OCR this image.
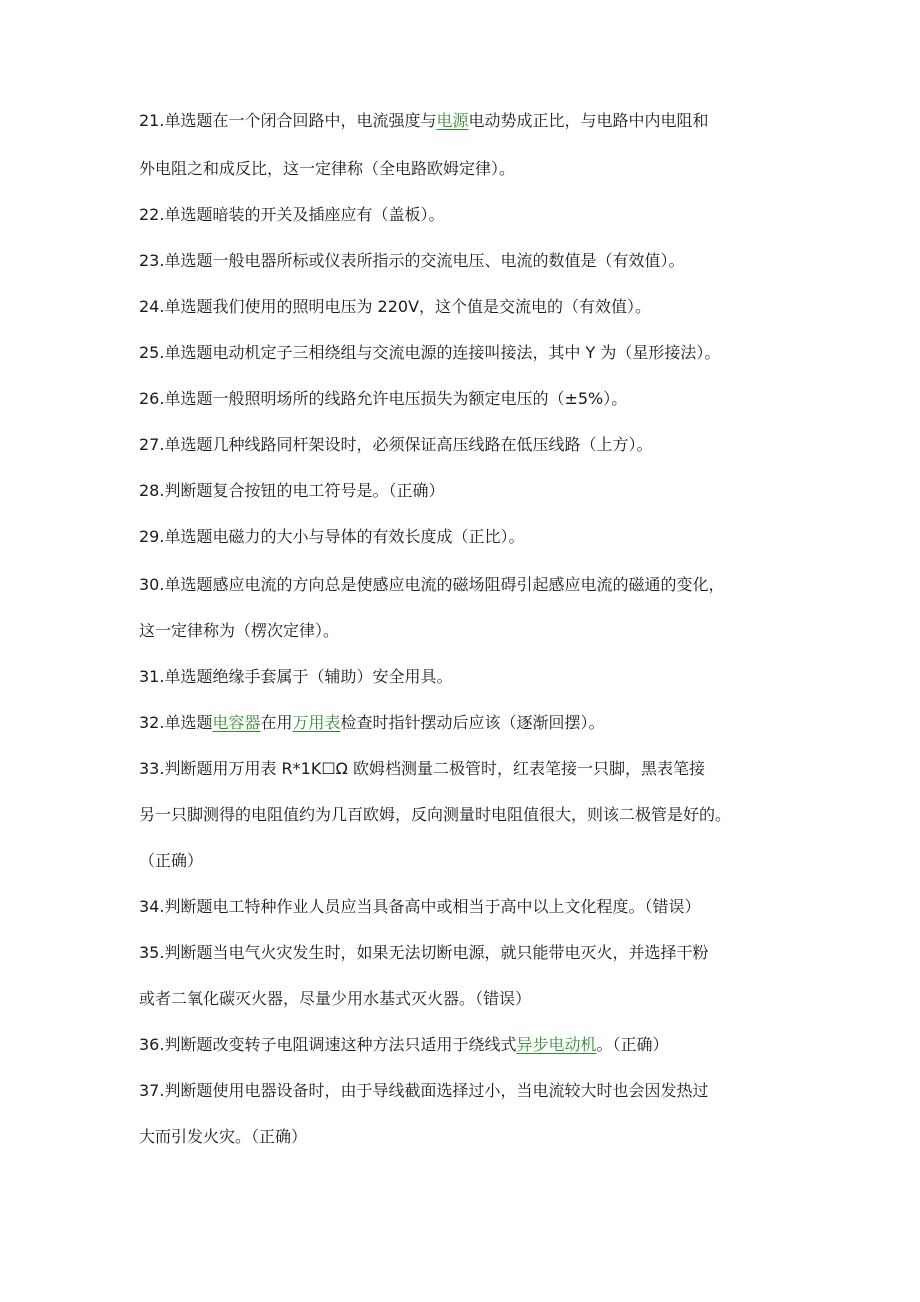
21.单选题在一个闭合回路中，电流强度与电源电动势成正比，与电路中内电阻和
外电阻之和成反比，这一定律称（全电路欧姆定律）。
22.单选题暗装的开关及插座应有（盖板）。
23.单选题一般电器所标或仪表所指示的交流电压、电流的数值是（有效值）。
24.单选题我们使用的照明电压为 220V，这个值是交流电的（有效值）。
25.单选题电动机定子三相绕组与交流电源的连接叫接法，其中 Y 为（星形接法）。
26.单选题一般照明场所的线路允许电压损失为额定电压的（±5%）。
27.单选题几种线路同杆架设时，必须保证高压线路在低压线路（上方）。
28.判断题复合按钮的电工符号是。（正确）
29.单选题电磁力的大小与导体的有效长度成（正比）。
30.单选题感应电流的方向总是使感应电流的磁场阻碍引起感应电流的磁通的变化，
这一定律称为（楞次定律）。
31.单选题绝缘手套属于（辅助）安全用具。
32.单选题电容器在用万用表检查时指针摆动后应该（逐渐回摆）。
33.判断题用万用表 R*1K☐Ω 欧姆档测量二极管时，红表笔接一只脚，黑表笔接
另一只脚测得的电阻值约为几百欧姆，反向测量时电阻值很大，则该二极管是好的。
（正确）
34.判断题电工特种作业人员应当具备高中或相当于高中以上文化程度。（错误）
35.判断题当电气火灾发生时，如果无法切断电源，就只能带电灭火，并选择干粉
或者二氧化碳灭火器，尽量少用水基式灭火器。（错误）
36.判断题改变转子电阻调速这种方法只适用于绕线式异步电动机。（正确）
37.判断题使用电器设备时，由于导线截面选择过小，当电流较大时也会因发热过
大而引发火灾。（正确）
